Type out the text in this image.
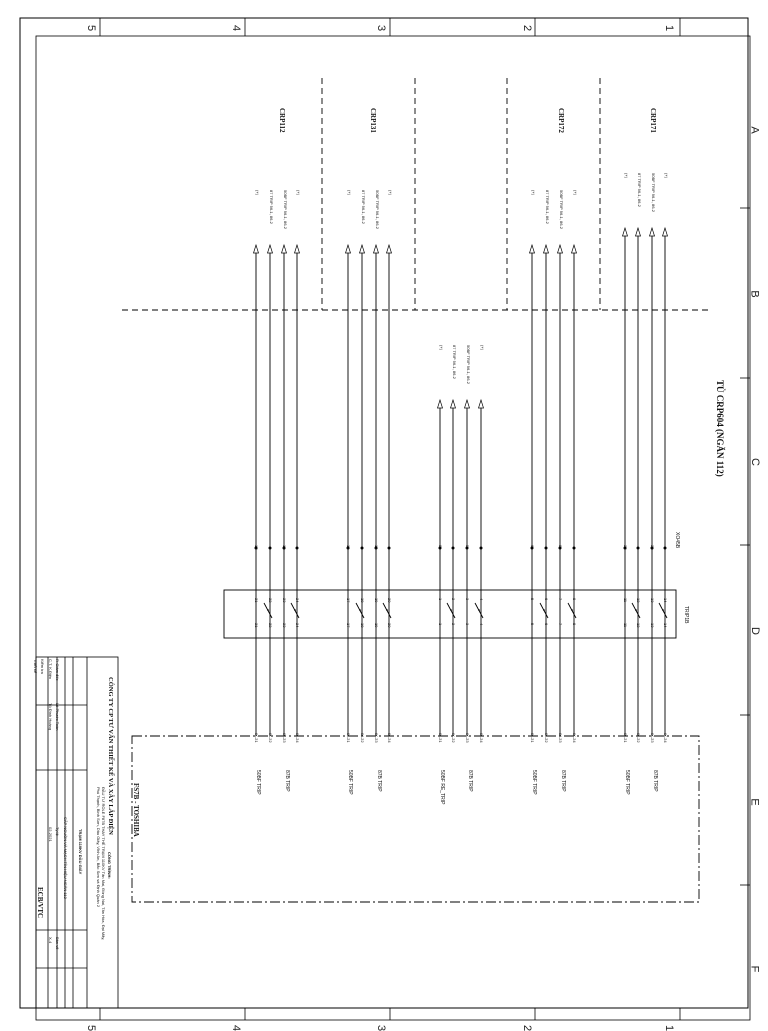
1
2
3
4
5
1
2
3
4
5
A
B
C
D
E
F
TỦ CRP604 (NGĂN 112)
TRIP1B
XO45B
FS7B - TOSHIBA
CRP171
CRP172
CRP131
CRP112
(+)
IX-21
11
11
87 TRIP 96-1, 86-2
IX-22
12
12
50BF TRIP 96-1, 86-2
IX-23
13
13
(+)
IX-24
14
14
27	28
50BF TRIP	87B TRIP
(+)
IX-21
5
5
87 TRIP 96-1, 86-2
IX-22
6
6
50BF TRIP 96-1, 86-2
IX-23
7
7
(+)
IX-24
8
8
6	8
50BF TRIP	87B TRIP
(+)
IX-21
1
1
87 TRIP 96-1, 86-2
IX-22
2
2
50BF TRIP 96-1, 86-2
IX-23
3
3
(+)
IX-24
4
4
8	9
50BF RE_TRIP	87B TRIP
(+)
IX-21
17
17
87 TRIP 96-1, 86-2
IX-22
18
18
50BF TRIP 96-1, 86-2
IX-23
19
19
(+)
IX-24
20
20
13	14
50BF TRIP	87B TRIP
(+)
IX-21
21
21
87 TRIP 96-1, 86-2
IX-22
22
22
50BF TRIP 96-1, 86-2
IX-23
23
23
(+)
IX-24
24
24
17	18
50BF TRIP	87B TRIP
CÔNG TY CP TƯ VẤN THIẾT KẾ VÀ XÂY LẮP ĐIỆN
P. Giám đốc
C.T. K.Điện
Kiểm tra
Thiết kế
Lê Phước Toàn
Tô Đình Hoàng
CÔNG TRÌNH:
ĐẦU TƯ ROLE F87B THAY THẾ TRẠM 110KV Tân Mai, Đồng Nai, Tân Hòa, Đại Mãy, Phú Thạnh, Bình Sơn, Dầu Giây, Vĩnh An, Bắc Sơn và Định Quán 2
TRẠM 110KV DẦU GIÂY
CẤP NGUỒN VÀ MẠCH TÍN HIỆU NGĂN 112
Tỷ lệ
02-2021
Bản vẽ
X-4
ECB/VTC
